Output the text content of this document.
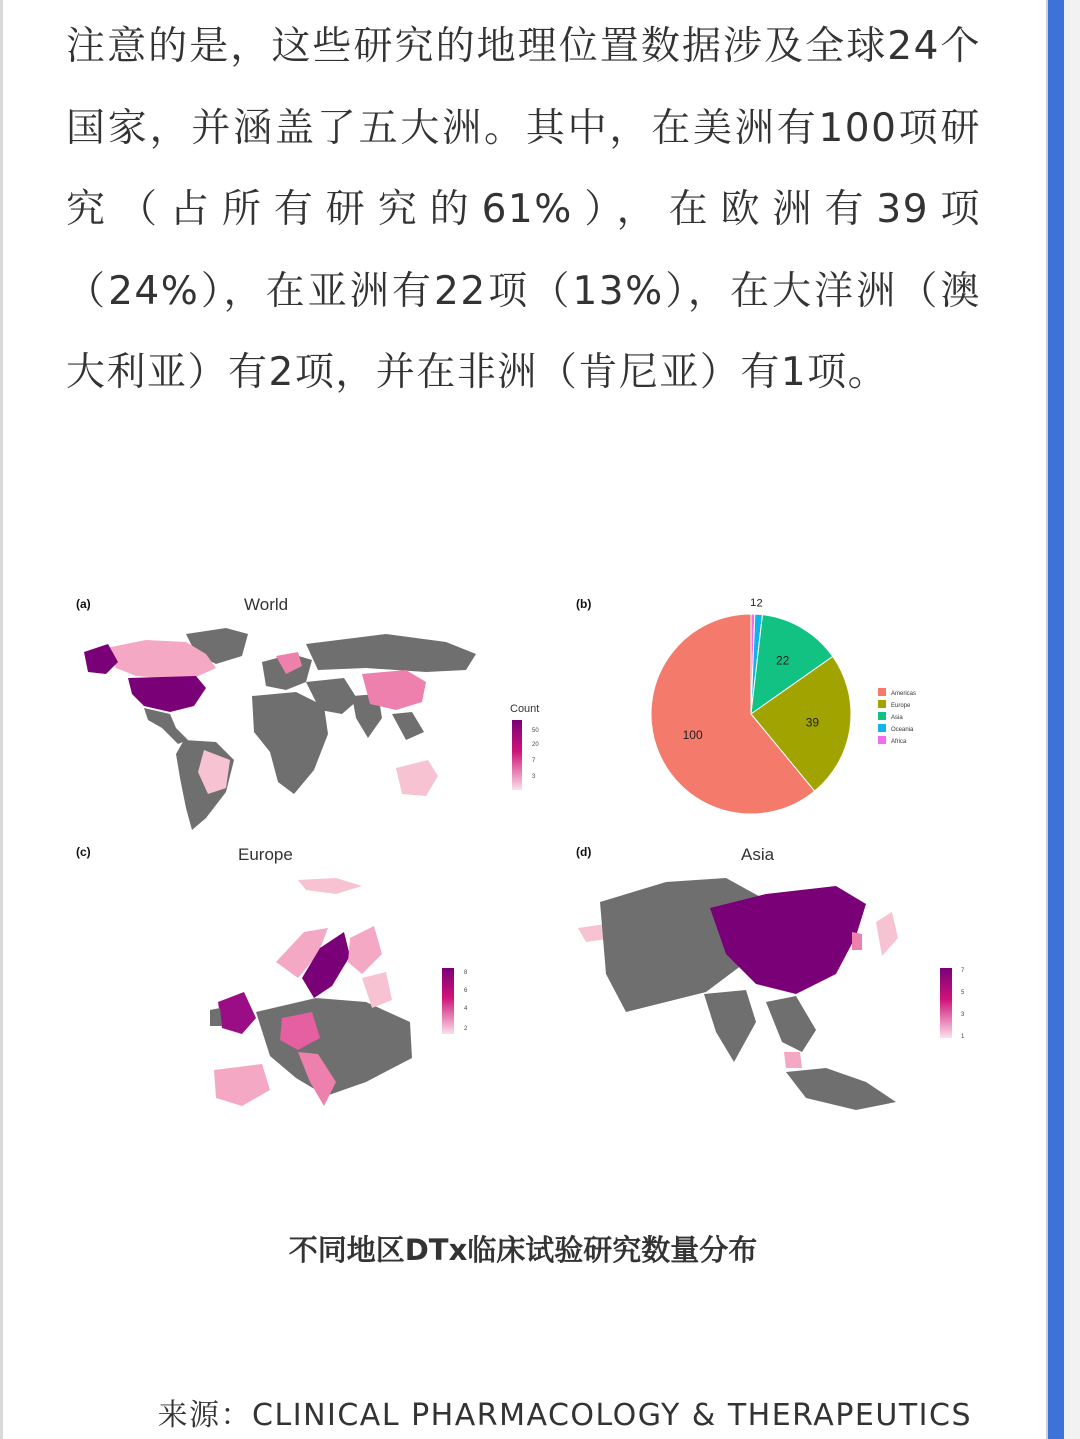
注意的是，这些研究的地理位置数据涉及全球24个国家，并涵盖了五大洲。其中，在美洲有100项研究（占所有研究的61%），在欧洲有39项（24%），在亚洲有22项（13%），在大洋洲（澳大利亚）有2项，并在非洲（肯尼亚）有1项。

(a)	World
Count
50
20
7
3
(b)	1 2
22
39
100
Americas
Europe
Asia
Oceania
Africa
(c)	Europe
8
6
4
2
(d)	Asia
7
5
3
1
不同地区DTx临床试验研究数量分布
来源：CLINICAL PHARMACOLOGY & THERAPEUTICS
